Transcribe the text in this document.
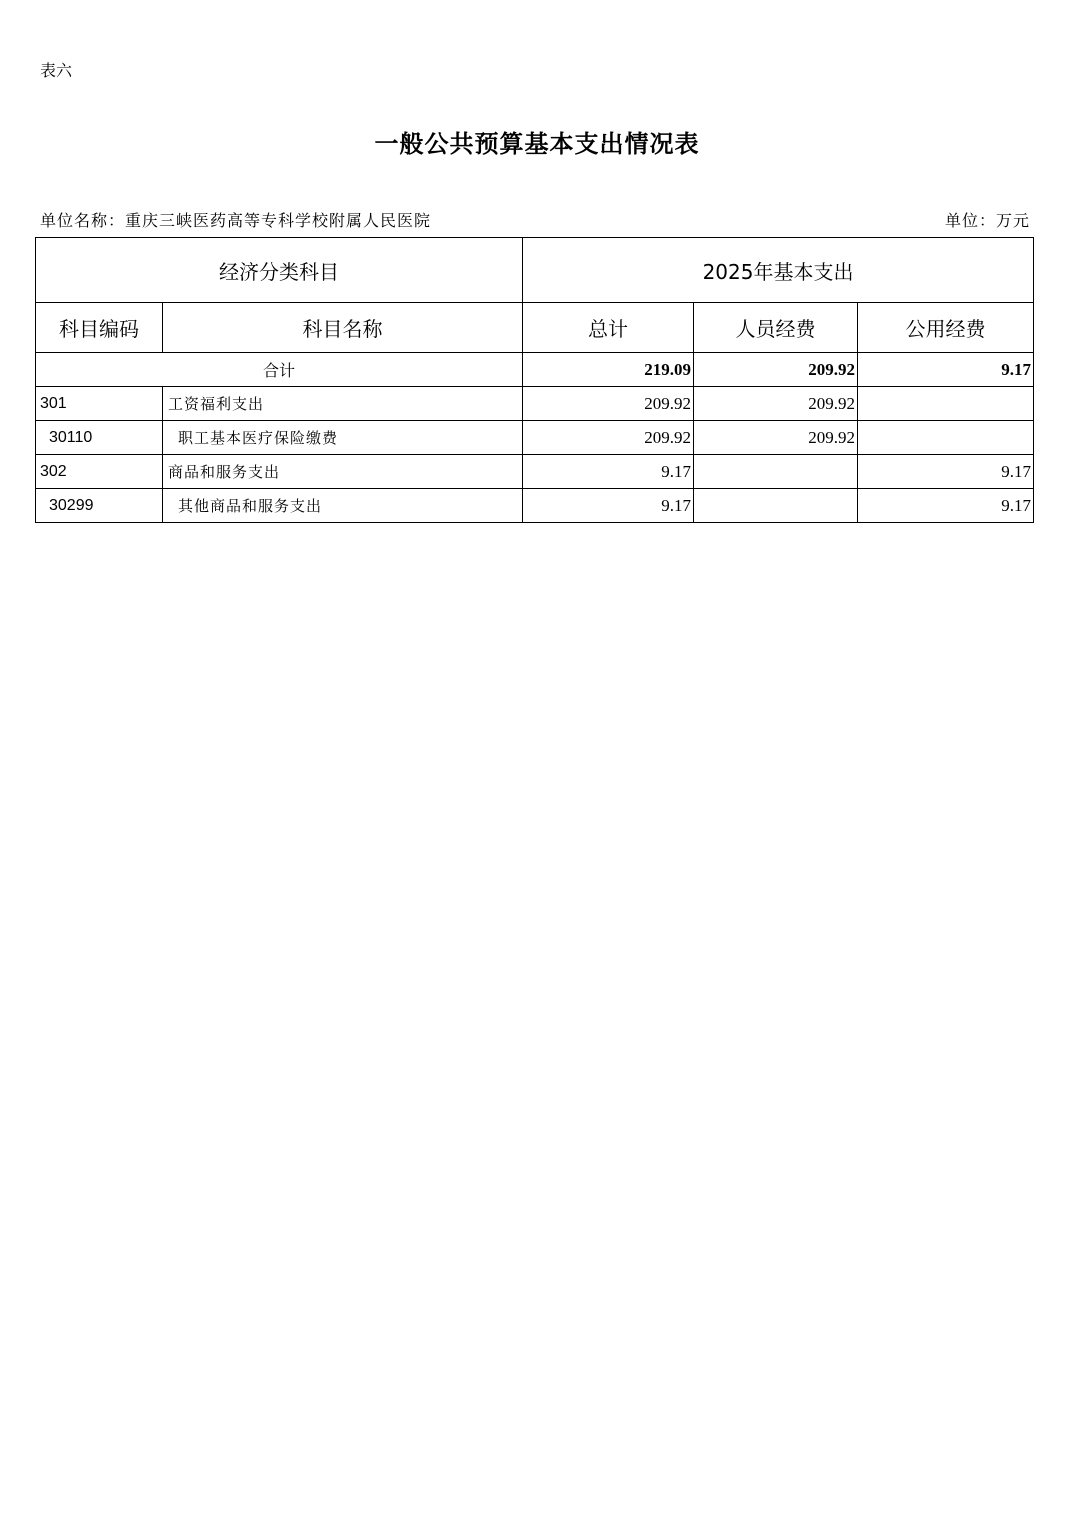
表六
一般公共预算基本支出情况表
单位名称：重庆三峡医药高等专科学校附属人民医院	单位：万元
经济分类科目		2025年基本支出		
科目编码	科目名称	总计	人员经费	公用经费
合计		219.09	209.92	9.17
301	工资福利支出	209.92	209.92	
30110	职工基本医疗保险缴费	209.92	209.92	
302	商品和服务支出	9.17		9.17
30299	其他商品和服务支出	9.17		9.17
